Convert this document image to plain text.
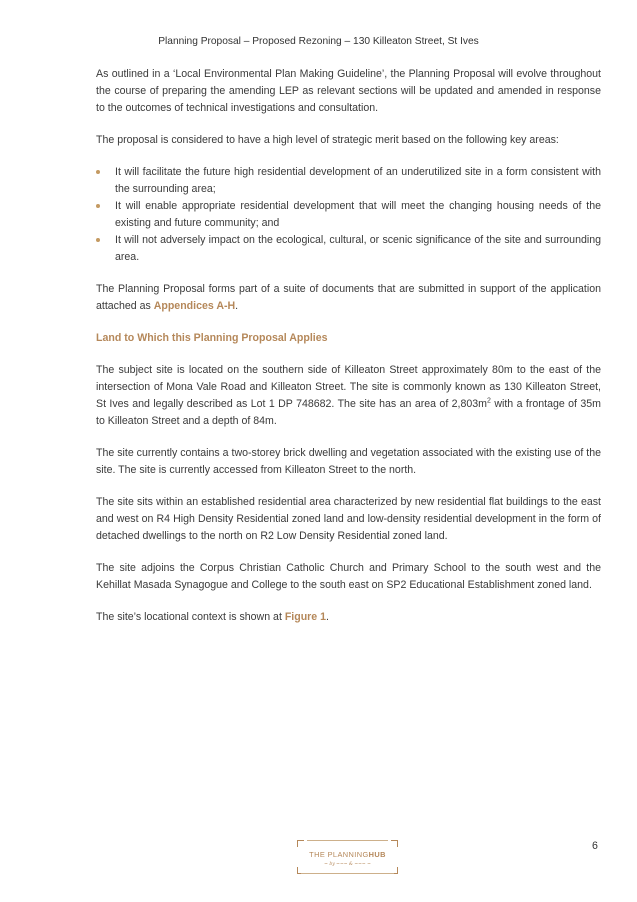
Planning Proposal – Proposed Rezoning – 130 Killeaton Street, St Ives

As outlined in a ‘Local Environmental Plan Making Guideline’, the Planning Proposal will evolve throughout the course of preparing the amending LEP as relevant sections will be updated and amended in response to the outcomes of technical investigations and consultation.

The proposal is considered to have a high level of strategic merit based on the following key areas:

It will facilitate the future high residential development of an underutilized site in a form consistent with the surrounding area;
It will enable appropriate residential development that will meet the changing housing needs of the existing and future community; and
It will not adversely impact on the ecological, cultural, or scenic significance of the site and surrounding area.

The Planning Proposal forms part of a suite of documents that are submitted in support of the application attached as Appendices A-H.

Land to Which this Planning Proposal Applies

The subject site is located on the southern side of Killeaton Street approximately 80m to the east of the intersection of Mona Vale Road and Killeaton Street. The site is commonly known as 130 Killeaton Street, St Ives and legally described as Lot 1 DP 748682. The site has an area of $2,803m^2$ with a frontage of 35m to Killeaton Street and a depth of 84m.

The site currently contains a two-storey brick dwelling and vegetation associated with the existing use of the site. The site is currently accessed from Killeaton Street to the north.

The site sits within an established residential area characterized by new residential flat buildings to the east and west on R4 High Density Residential zoned land and low-density residential development in the form of detached dwellings to the north on R2 Low Density Residential zoned land.

The site adjoins the Corpus Christian Catholic Church and Primary School to the south west and the Kehillat Masada Synagogue and College to the south east on SP2 Educational Establishment zoned land.

The site’s locational context is shown at Figure 1.

THE PLANNINGHUB
~ by ~~~ & ~~~ ~
6
